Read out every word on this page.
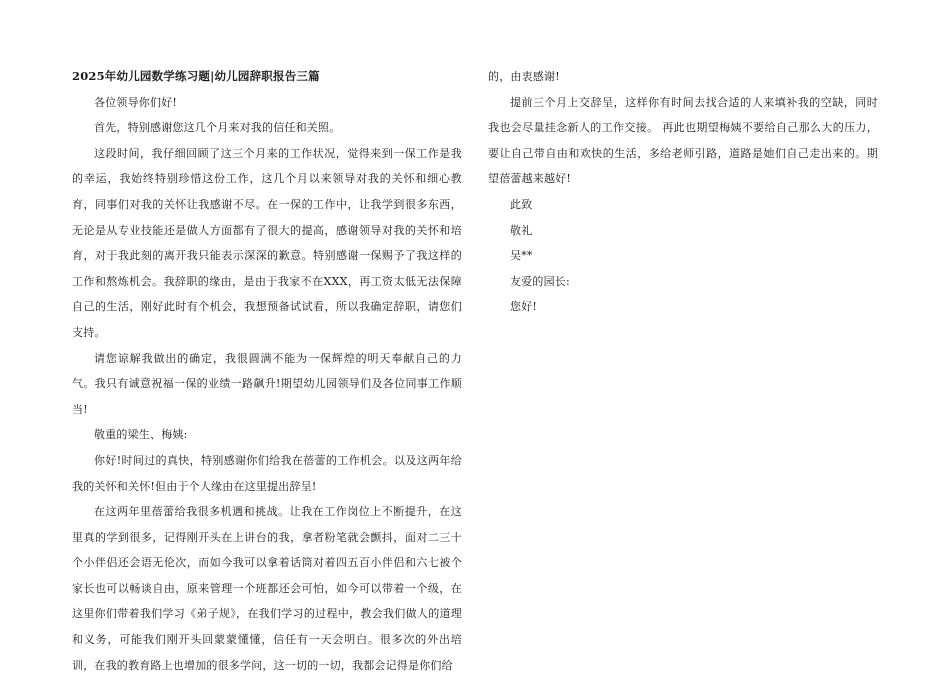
2025年幼儿园数学练习题|幼儿园辞职报告三篇

各位领导你们好!

首先，特别感谢您这几个月来对我的信任和关照。

这段时间，我仔细回顾了这三个月来的工作状况，觉得来到一保工作是我的幸运，我始终特别珍惜这份工作，这几个月以来领导对我的关怀和细心教育，同事们对我的关怀让我感谢不尽。在一保的工作中，让我学到很多东西，无论是从专业技能还是做人方面都有了很大的提高，感谢领导对我的关怀和培育，对于我此刻的离开我只能表示深深的歉意。特别感谢一保赐予了我这样的工作和熬炼机会。我辞职的缘由，是由于我家不在XXX，再工资太低无法保障自己的生活，刚好此时有个机会，我想预备试试看，所以我确定辞职，请您们支持。

请您谅解我做出的确定，我很圆满不能为一保辉煌的明天奉献自己的力气。我只有诚意祝福一保的业绩一路飙升!期望幼儿园领导们及各位同事工作顺当!

敬重的梁生、梅姨:

你好!时间过的真快，特别感谢你们给我在蓓蕾的工作机会。以及这两年给我的关怀和关怀!但由于个人缘由在这里提出辞呈!

在这两年里蓓蕾给我很多机遇和挑战。让我在工作岗位上不断提升，在这里真的学到很多，记得刚开头在上讲台的我，拿者粉笔就会颤抖，面对二三十个小伴侣还会语无伦次，而如今我可以拿着话筒对着四五百小伴侣和六七被个家长也可以畅谈自由，原来管理一个班都还会可怕，如今可以带着一个级，在这里你们带着我们学习《弟子规》，在我们学习的过程中，教会我们做人的道理和义务，可能我们刚开头回蒙蒙懂懂，信任有一天会明白。很多次的外出培训，在我的教育路上也增加的很多学问，这一切的一切，我都会记得是你们给

的，由衷感谢!

提前三个月上交辞呈，这样你有时间去找合适的人来填补我的空缺，同时我也会尽量挂念新人的工作交接。 再此也期望梅姨不要给自己那么大的压力，要让自己带自由和欢快的生活，多给老师引路，道路是她们自己走出来的。期望蓓蕾越来越好!

此致

敬礼

吴**

友爱的园长:

您好!
